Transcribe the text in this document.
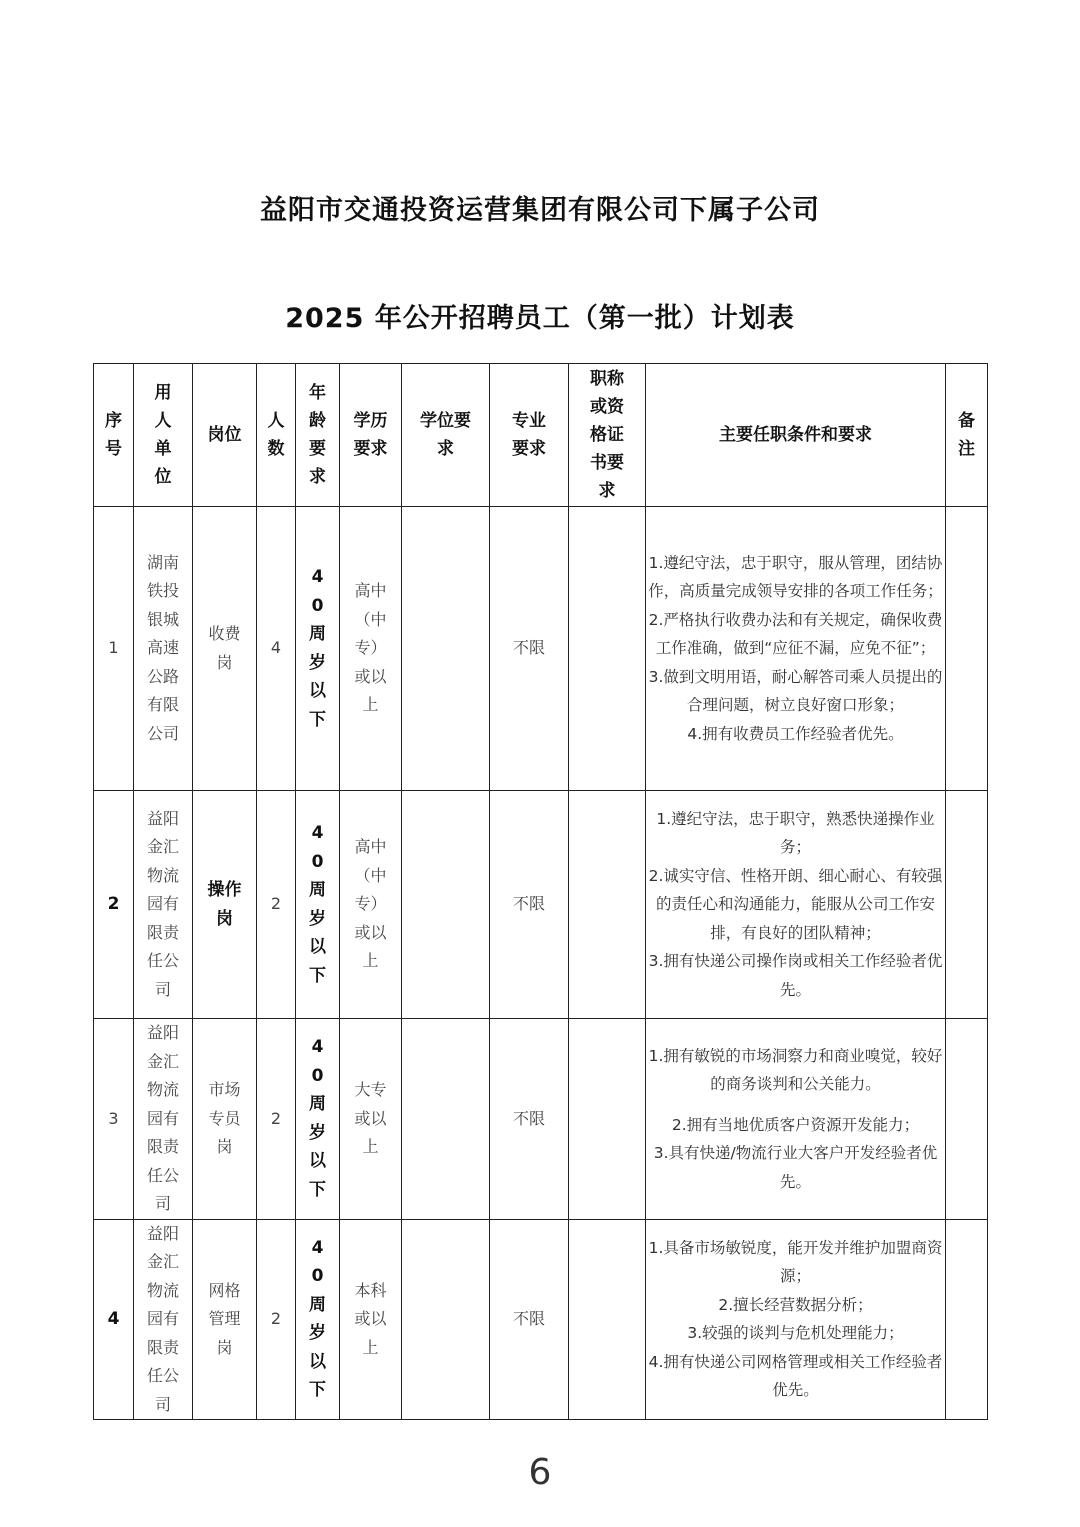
益阳市交通投资运营集团有限公司下属子公司
2025 年公开招聘员工（第一批）计划表
序号	用人单位	岗位	人数	年龄要求	学历要求	学位要求	专业要求	职称或资格证书要求	主要任职条件和要求	备注

1	湖南铁投银城高速公路有限公司	收费岗	4	40周岁以下	高中（中专）或以上		不限		1.遵纪守法，忠于职守，服从管理，团结协作，高质量完成领导安排的各项工作任务；
2.严格执行收费办法和有关规定，确保收费工作准确，做到“应征不漏，应免不征”；
3.做到文明用语，耐心解答司乘人员提出的合理问题，树立良好窗口形象；
4.拥有收费员工作经验者优先。	

2	益阳金汇物流园有限责任公司	操作岗	2	40周岁以下	高中（中专）或以上		不限		1.遵纪守法，忠于职守，熟悉快递操作业务；
2.诚实守信、性格开朗、细心耐心、有较强的责任心和沟通能力，能服从公司工作安排，有良好的团队精神；
3.拥有快递公司操作岗或相关工作经验者优先。	

3	益阳金汇物流园有限责任公司	市场专员岗	2	40周岁以下	大专或以上		不限		1.拥有敏锐的市场洞察力和商业嗅觉，较好的商务谈判和公关能力。
2.拥有当地优质客户资源开发能力；
3.具有快递/物流行业大客户开发经验者优先。	

4	益阳金汇物流园有限责任公司	网格管理岗	2	40周岁以下	本科或以上		不限		1.具备市场敏锐度，能开发并维护加盟商资源；
2.擅长经营数据分析；
3.较强的谈判与危机处理能力；
4.拥有快递公司网格管理或相关工作经验者优先。	

6
